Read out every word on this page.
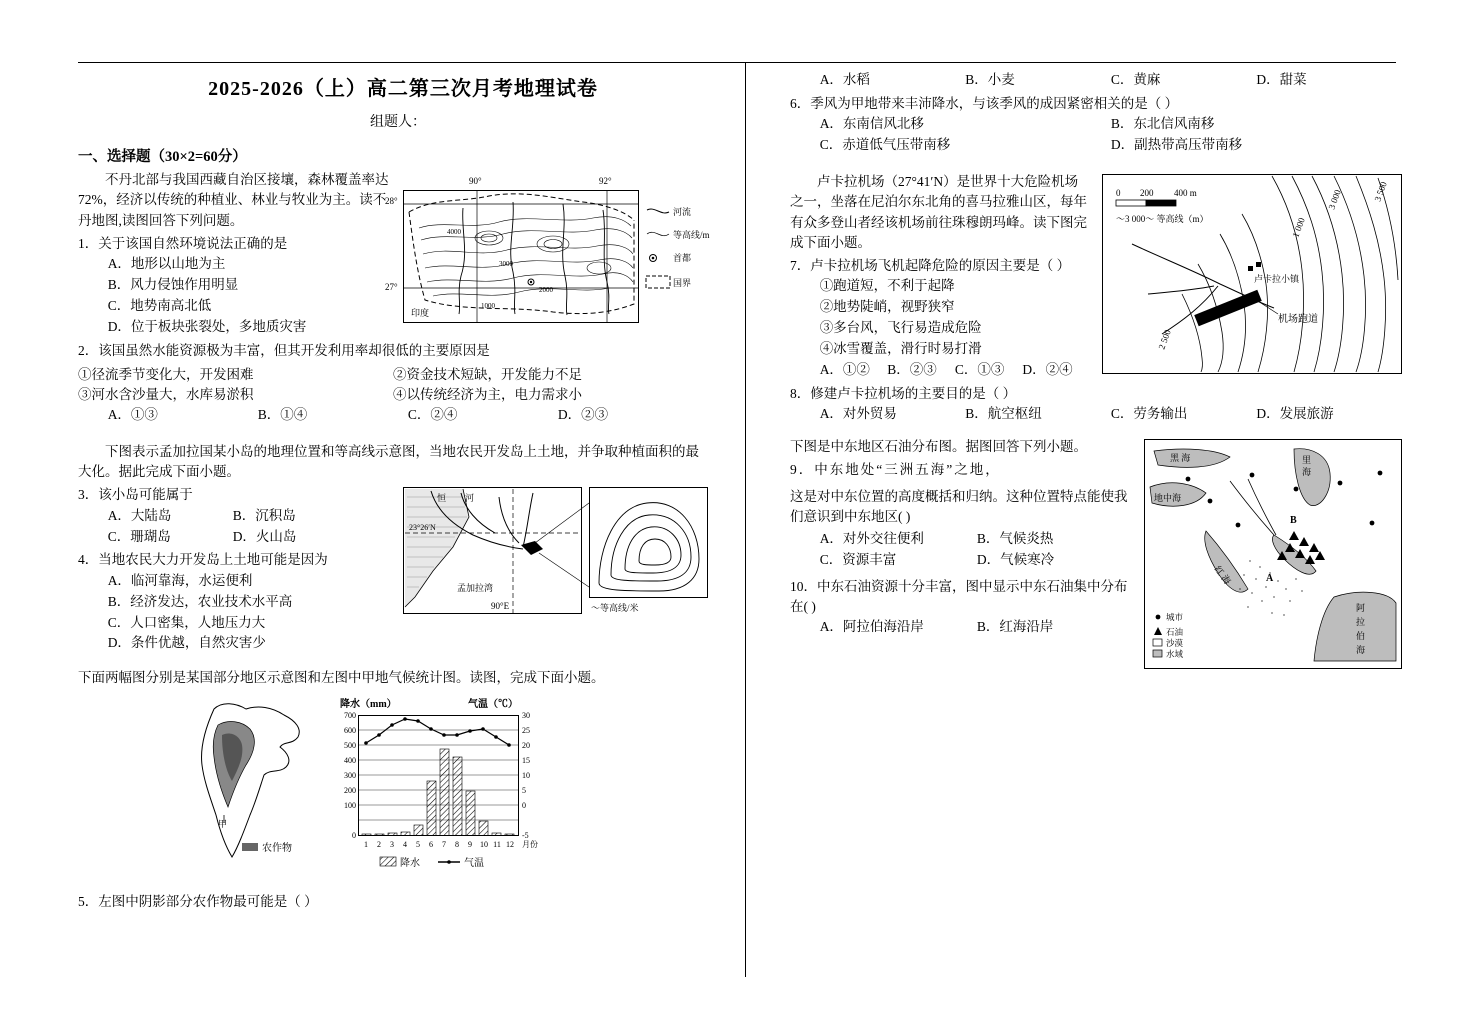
2025-2026（上）高二第三次月考地理试卷
组题人：
一、选择题（30×2=60分）
90°	92°
28°
27°
4000
3000
2000
1000
印度
河流
等高线/m
首都
国界
不丹北部与我国西藏自治区接壤，森林覆盖率达 72%，经济以传统的种植业、林业与牧业为主。读不丹地图,读图回答下列问题。
1．关于该国自然环境说法正确的是
A．地形以山地为主
B．风力侵蚀作用明显
C．地势南高北低
D．位于板块张裂处，多地质灾害
2．该国虽然水能资源极为丰富，但其开发利用率却很低的主要原因是
①径流季节变化大，开发困难	②资金技术短缺，开发能力不足
③河水含沙量大，水库易淤积	④以传统经济为主，电力需求小
A．①③	B．①④	C．②④	D．②③
下图表示孟加拉国某小岛的地理位置和等高线示意图，当地农民开发岛上土地，并争取种植面积的最大化。据此完成下面小题。
23°26′N
恒 河
孟加拉湾
90°E	～等高线/米
3．该小岛可能属于
A．大陆岛	B．沉积岛
C．珊瑚岛	D．火山岛
4．当地农民大力开发岛上土地可能是因为
A．临河靠海，水运便利
B．经济发达，农业技术水平高
C．人口密集，人地压力大
D．条件优越，自然灾害少
下面两幅图分别是某国部分地区示意图和左图中甲地气候统计图。读图，完成下面小题。
甲
农作物
降水（mm）	气温（℃）
700
600
500
400
300
200
100
0
30
25
20
15
10
5
0
-5
1 2 3 4 5 6 7 8 9 10 11 12 月份
降水	气温
5．左图中阴影部分农作物最可能是（ ）
A．水稻	B．小麦	C．黄麻	D．甜菜
6．季风为甲地带来丰沛降水，与该季风的成因紧密相关的是（ ）
A．东南信风北移	B．东北信风南移
C．赤道低气压带南移	D．副热带高压带南移
机场跑道
卢卡拉小镇
3 000	3 500
2 500
1 000
0 200 400 m
～3 000～ 等高线（m）
卢卡拉机场（27°41′N）是世界十大危险机场之一，坐落在尼泊尔东北角的喜马拉雅山区，每年有众多登山者经该机场前往珠穆朗玛峰。读下图完成下面小题。
7．卢卡拉机场飞机起降危险的原因主要是（ ）
①跑道短，不利于起降
②地势陡峭，视野狭窄
③多台风，飞行易造成危险
④冰雪覆盖，滑行时易打滑
A．①②	B．②③	C．①③	D．②④
8．修建卢卡拉机场的主要目的是（ ）
A．对外贸易	B．航空枢纽	C．劳务输出	D．发展旅游
黑 海	里
海
地中海
红 海
阿
拉
伯
海
B
A
城市
石油
沙漠
水域
下图是中东地区石油分布图。据图回答下列小题。
9．中东地处“三洲五海”之地，
这是对中东位置的高度概括和归纳。这种位置特点能使我们意识到中东地区( )
A．对外交往便利	B．气候炎热
C．资源丰富	D．气候寒冷
10．中东石油资源十分丰富，图中显示中东石油集中分布在( )
A．阿拉伯海沿岸	B．红海沿岸
